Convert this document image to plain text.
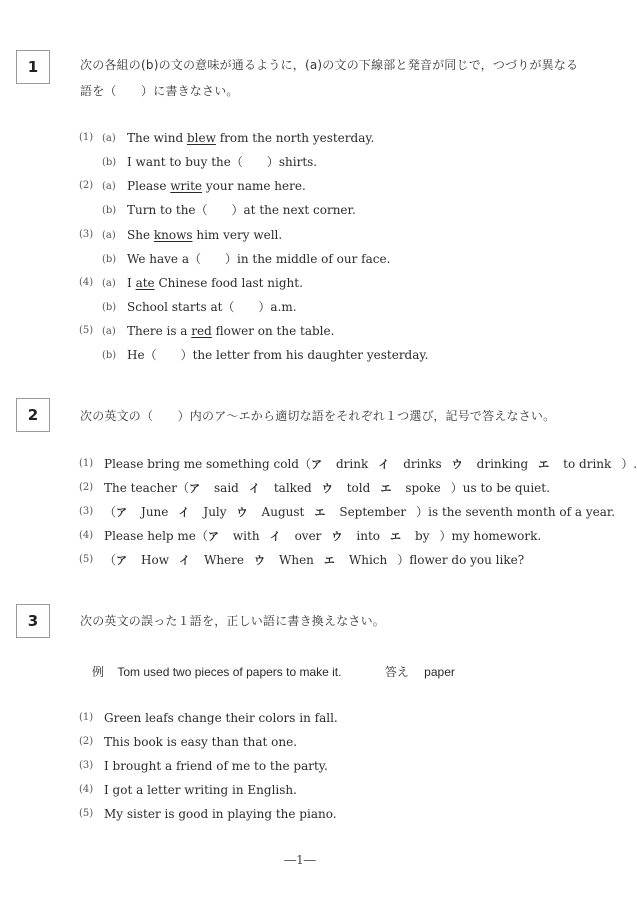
1	次の各組の(b)の文の意味が通るように，(a)の文の下線部と発音が同じで，つづりが異なる語を（　　）に書きなさい。
(1) (a) The wind blew from the north yesterday.
(b) I want to buy the（　　）shirts.
(2) (a) Please write your name here.
(b) Turn to the（　　）at the next corner.
(3) (a) She knows him very well.
(b) We have a（　　）in the middle of our face.
(4) (a) I ate Chinese food last night.
(b) School starts at（　　）a.m.
(5) (a) There is a red flower on the table.
(b) He（　　）the letter from his daughter yesterday.
2	次の英文の（　　）内のア～エから適切な語をそれぞれ１つ選び，記号で答えなさい。
(1) Please bring me something cold（ア drink イ drinks ウ drinking エ to drink ）.
(2) The teacher（ア said イ talked ウ told エ spoke ）us to be quiet.
(3) （ア June イ July ウ August エ September ）is the seventh month of a year.
(4) Please help me（ア with イ over ウ into エ by ）my homework.
(5) （ア How イ Where ウ When エ Which ）flower do you like?
3	次の英文の誤った１語を，正しい語に書き換えなさい。
例 Tom used two pieces of papers to make it.	答え paper
(1) Green leafs change their colors in fall.
(2) This book is easy than that one.
(3) I brought a friend of me to the party.
(4) I got a letter writing in English.
(5) My sister is good in playing the piano.
―1―
